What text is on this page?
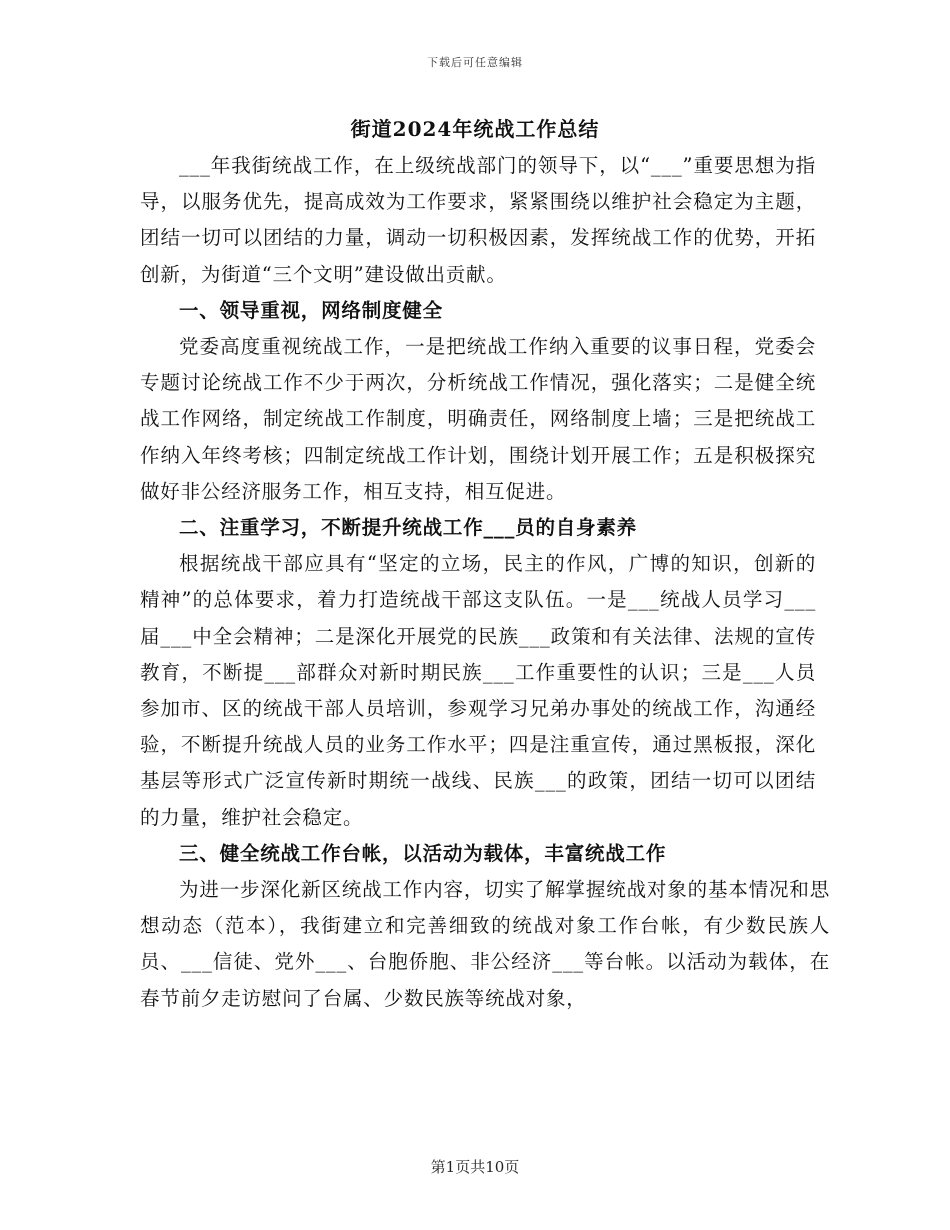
下载后可任意编辑
街道2024年统战工作总结

___年我街统战工作，在上级统战部门的领导下，以“___”重要思想为指导，以服务优先，提高成效为工作要求，紧紧围绕以维护社会稳定为主题，团结一切可以团结的力量，调动一切积极因素，发挥统战工作的优势，开拓创新，为街道“三个文明”建设做出贡献。

一、领导重视，网络制度健全

党委高度重视统战工作，一是把统战工作纳入重要的议事日程，党委会专题讨论统战工作不少于两次，分析统战工作情况，强化落实；二是健全统战工作网络，制定统战工作制度，明确责任，网络制度上墙；三是把统战工作纳入年终考核；四制定统战工作计划，围绕计划开展工作；五是积极探究做好非公经济服务工作，相互支持，相互促进。

二、注重学习，不断提升统战工作___员的自身素养

根据统战干部应具有“坚定的立场，民主的作风，广博的知识，创新的精神”的总体要求，着力打造统战干部这支队伍。一是___统战人员学习___届___中全会精神；二是深化开展党的民族___政策和有关法律、法规的宣传教育，不断提___部群众对新时期民族___工作重要性的认识；三是___人员参加市、区的统战干部人员培训，参观学习兄弟办事处的统战工作，沟通经验，不断提升统战人员的业务工作水平；四是注重宣传，通过黑板报，深化基层等形式广泛宣传新时期统一战线、民族___的政策，团结一切可以团结的力量，维护社会稳定。

三、健全统战工作台帐，以活动为载体，丰富统战工作

为进一步深化新区统战工作内容，切实了解掌握统战对象的基本情况和思想动态（范本），我街建立和完善细致的统战对象工作台帐，有少数民族人员、___信徒、党外___、台胞侨胞、非公经济___等台帐。以活动为载体，在春节前夕走访慰问了台属、少数民族等统战对象，

第1页共10页
